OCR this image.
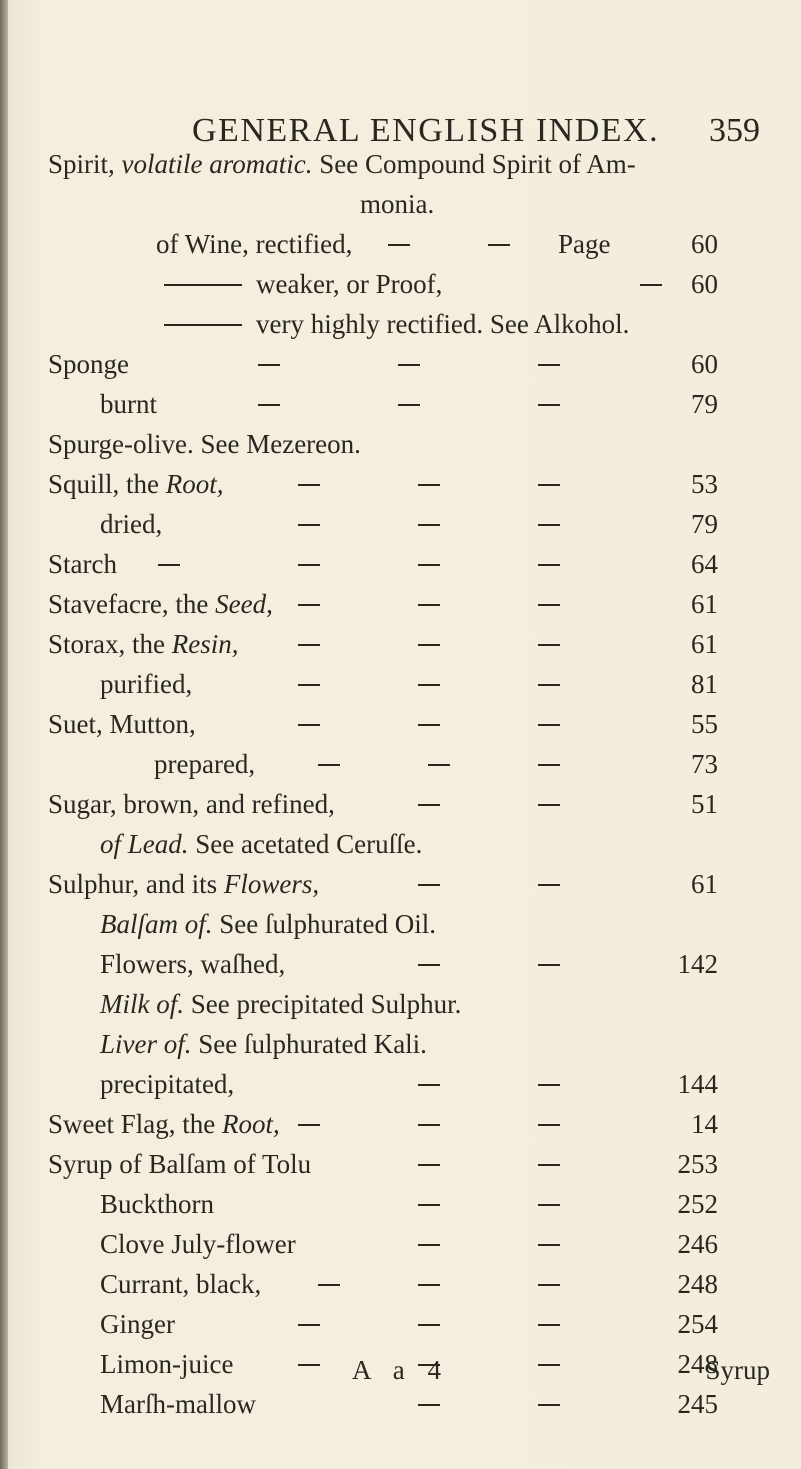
GENERAL ENGLISH INDEX.	359
Spirit, volatile aromatic. See Compound Spirit of Am-
monia.
of Wine, rectified,	Page	60
weaker, or Proof,	60
very highly rectified. See Alkohol.
Sponge	60
burnt	79
Spurge-olive. See Mezereon.
Squill, the Root,	53
dried,	79
Starch	64
Stavefacre, the Seed,	61
Storax, the Resin,	61
purified,	81
Suet, Mutton,	55
prepared,	73
Sugar, brown, and refined,	51
of Lead. See acetated Ceruſſe.
Sulphur, and its Flowers,	61
Balſam of. See ſulphurated Oil.
Flowers, waſhed,	142
Milk of. See precipitated Sulphur.
Liver of. See ſulphurated Kali.
precipitated,	144
Sweet Flag, the Root,	14
Syrup of Balſam of Tolu	253
Buckthorn	252
Clove July-flower	246
Currant, black,	248
Ginger	254
Limon-juice	248
Marſh-mallow	245
A a 4	Syrup
